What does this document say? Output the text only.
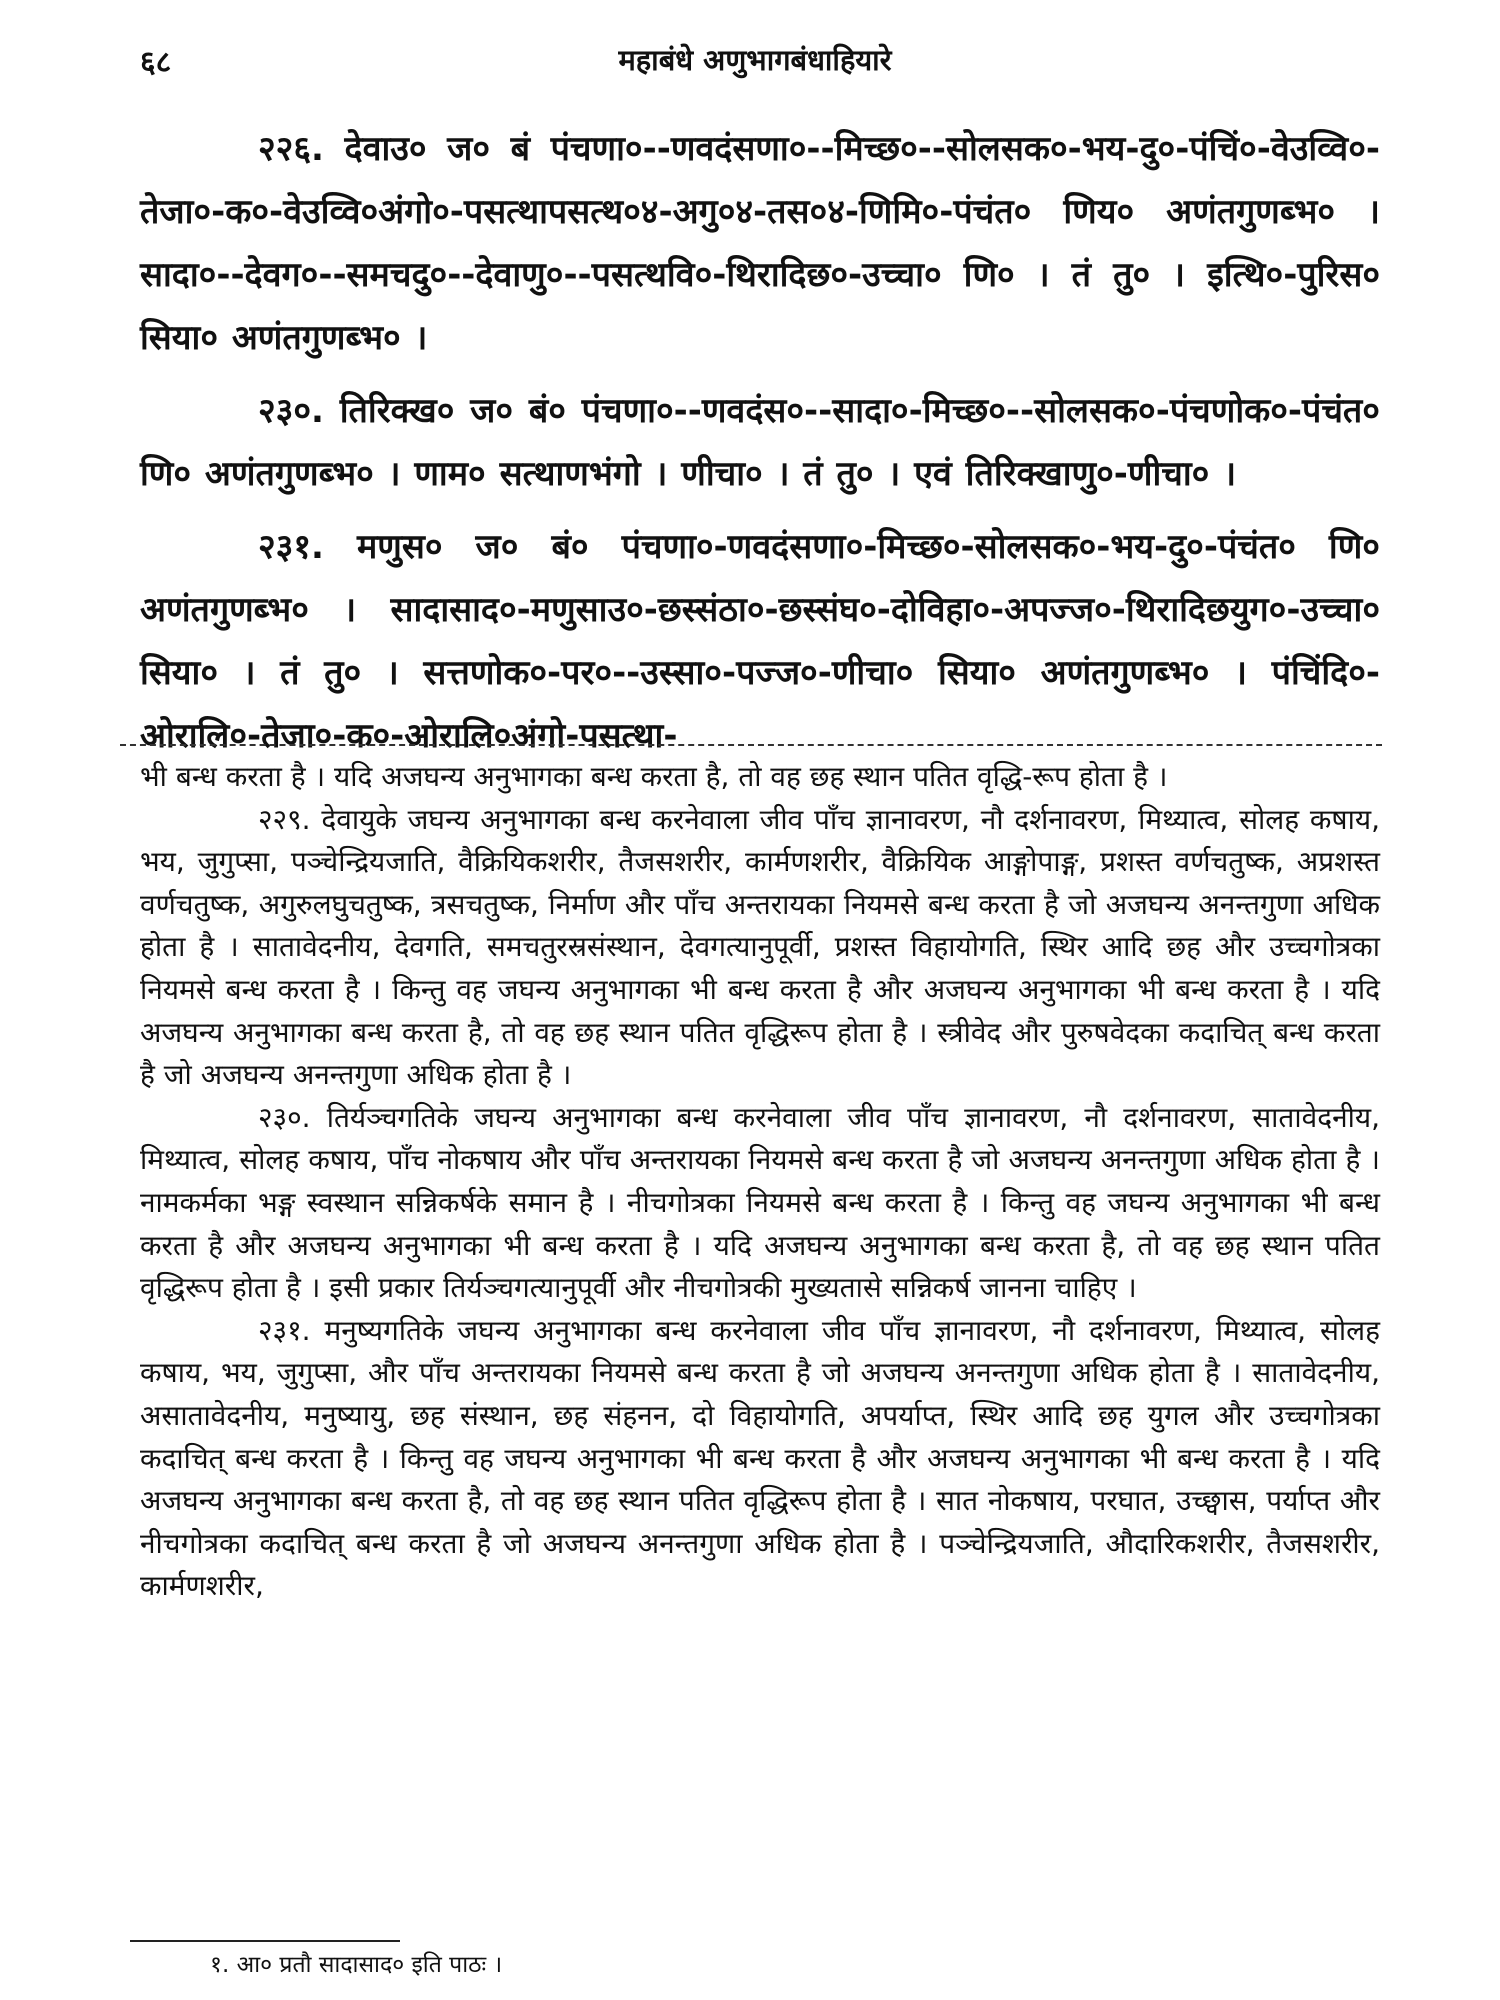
६८	महाबंधे अणुभागबंधाहियारे

२२६. देवाउ० ज० बं पंचणा०--णवदंसणा०--मिच्छ०--सोलसक०-भय-दु०-पंचिं०-वेउव्वि०-तेजा०-क०-वेउव्वि०अंगो०-पसत्थापसत्थ०४-अगु०४-तस०४-णिमि०-पंचंत० णिय० अणंतगुणब्भ० । सादा०--देवग०--समचदु०--देवाणु०--पसत्थवि०-थिरादिछ०-उच्चा० णि० । तं तु० । इत्थि०-पुरिस० सिया० अणंतगुणब्भ० ।

२३०. तिरिक्ख० ज० बं० पंचणा०--णवदंस०--सादा०-मिच्छ०--सोलसक०-पंचणोक०-पंचंत० णि० अणंतगुणब्भ० । णाम० सत्थाणभंगो । णीचा० । तं तु० । एवं तिरिक्खाणु०-णीचा० ।

२३१. मणुस० ज० बं० पंचणा०-णवदंसणा०-मिच्छ०-सोलसक०-भय-दु०-पंचंत० णि० अणंतगुणब्भ० । सादासाद०-मणुसाउ०-छस्संठा०-छस्संघ०-दोविहा०-अपज्ज०-थिरादिछयुग०-उच्चा० सिया० । तं तु० । सत्तणोक०-पर०--उस्सा०-पज्ज०-णीचा० सिया० अणंतगुणब्भ० । पंचिंदि०-ओरालि०-तेजा०-क०-ओरालि०अंगो-पसत्था-

भी बन्ध करता है । यदि अजघन्य अनुभागका बन्ध करता है, तो वह छह स्थान पतित वृद्धि-रूप होता है ।

२२९. देवायुके जघन्य अनुभागका बन्ध करनेवाला जीव पाँच ज्ञानावरण, नौ दर्शनावरण, मिथ्यात्व, सोलह कषाय, भय, जुगुप्सा, पञ्चेन्द्रियजाति, वैक्रियिकशरीर, तैजसशरीर, कार्मणशरीर, वैक्रियिक आङ्गोपाङ्ग, प्रशस्त वर्णचतुष्क, अप्रशस्त वर्णचतुष्क, अगुरुलघुचतुष्क, त्रसचतुष्क, निर्माण और पाँच अन्तरायका नियमसे बन्ध करता है जो अजघन्य अनन्तगुणा अधिक होता है । सातावेदनीय, देवगति, समचतुरस्रसंस्थान, देवगत्यानुपूर्वी, प्रशस्त विहायोगति, स्थिर आदि छह और उच्चगोत्रका नियमसे बन्ध करता है । किन्तु वह जघन्य अनुभागका भी बन्ध करता है और अजघन्य अनुभागका भी बन्ध करता है । यदि अजघन्य अनुभागका बन्ध करता है, तो वह छह स्थान पतित वृद्धिरूप होता है । स्त्रीवेद और पुरुषवेदका कदाचित् बन्ध करता है जो अजघन्य अनन्तगुणा अधिक होता है ।

२३०. तिर्यञ्चगतिके जघन्य अनुभागका बन्ध करनेवाला जीव पाँच ज्ञानावरण, नौ दर्शनावरण, सातावेदनीय, मिथ्यात्व, सोलह कषाय, पाँच नोकषाय और पाँच अन्तरायका नियमसे बन्ध करता है जो अजघन्य अनन्तगुणा अधिक होता है । नामकर्मका भङ्ग स्वस्थान सन्निकर्षके समान है । नीचगोत्रका नियमसे बन्ध करता है । किन्तु वह जघन्य अनुभागका भी बन्ध करता है और अजघन्य अनुभागका भी बन्ध करता है । यदि अजघन्य अनुभागका बन्ध करता है, तो वह छह स्थान पतित वृद्धिरूप होता है । इसी प्रकार तिर्यञ्चगत्यानुपूर्वी और नीचगोत्रकी मुख्यतासे सन्निकर्ष जानना चाहिए ।

२३१. मनुष्यगतिके जघन्य अनुभागका बन्ध करनेवाला जीव पाँच ज्ञानावरण, नौ दर्शनावरण, मिथ्यात्व, सोलह कषाय, भय, जुगुप्सा, और पाँच अन्तरायका नियमसे बन्ध करता है जो अजघन्य अनन्तगुणा अधिक होता है । सातावेदनीय, असातावेदनीय, मनुष्यायु, छह संस्थान, छह संहनन, दो विहायोगति, अपर्याप्त, स्थिर आदि छह युगल और उच्चगोत्रका कदाचित् बन्ध करता है । किन्तु वह जघन्य अनुभागका भी बन्ध करता है और अजघन्य अनुभागका भी बन्ध करता है । यदि अजघन्य अनुभागका बन्ध करता है, तो वह छह स्थान पतित वृद्धिरूप होता है । सात नोकषाय, परघात, उच्छ्वास, पर्याप्त और नीचगोत्रका कदाचित् बन्ध करता है जो अजघन्य अनन्तगुणा अधिक होता है । पञ्चेन्द्रियजाति, औदारिकशरीर, तैजसशरीर, कार्मणशरीर,

१. आ० प्रतौ सादासाद० इति पाठः ।
